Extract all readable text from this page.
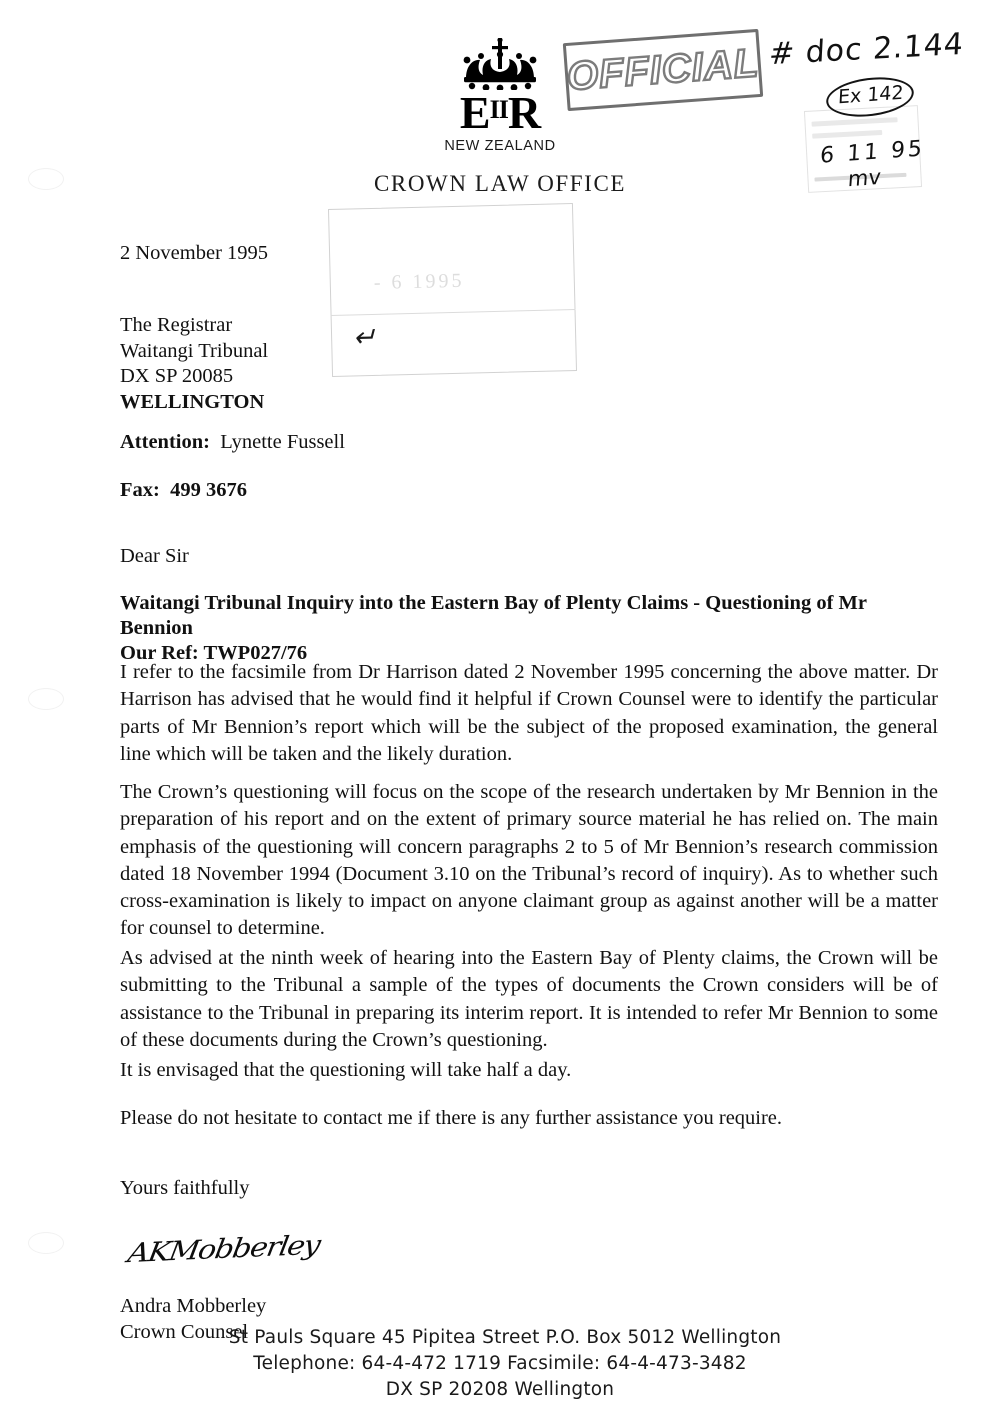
$E^{II}R$
NEW ZEALAND
CROWN LAW OFFICE
OFFICIAL # doc 2.144
Ex 142
6 11 95
mv
- 6 1995
↵
2 November 1995
The Registrar
Waitangi Tribunal
DX SP 20085
WELLINGTON
Attention: Lynette Fussell
Fax: 499 3676
Dear Sir
Waitangi Tribunal Inquiry into the Eastern Bay of Plenty Claims - Questioning of Mr Bennion
Our Ref: TWP027/76
I refer to the facsimile from Dr Harrison dated 2 November 1995 concerning the above matter. Dr Harrison has advised that he would find it helpful if Crown Counsel were to identify the particular parts of Mr Bennion’s report which will be the subject of the proposed examination, the general line which will be taken and the likely duration.
The Crown’s questioning will focus on the scope of the research undertaken by Mr Bennion in the preparation of his report and on the extent of primary source material he has relied on. The main emphasis of the questioning will concern paragraphs 2 to 5 of Mr Bennion’s research commission dated 18 November 1994 (Document 3.10 on the Tribunal’s record of inquiry). As to whether such cross-examination is likely to impact on anyone claimant group as against another will be a matter for counsel to determine.
As advised at the ninth week of hearing into the Eastern Bay of Plenty claims, the Crown will be submitting to the Tribunal a sample of the types of documents the Crown considers will be of assistance to the Tribunal in preparing its interim report. It is intended to refer Mr Bennion to some of these documents during the Crown’s questioning.
It is envisaged that the questioning will take half a day.
Please do not hesitate to contact me if there is any further assistance you require.
Yours faithfully
Andra Mobberley
Crown Counsel
AKMobberley
St Pauls Square 45 Pipitea Street P.O. Box 5012 Wellington
Telephone: 64-4-472 1719 Facsimile: 64-4-473-3482
DX SP 20208 Wellington
